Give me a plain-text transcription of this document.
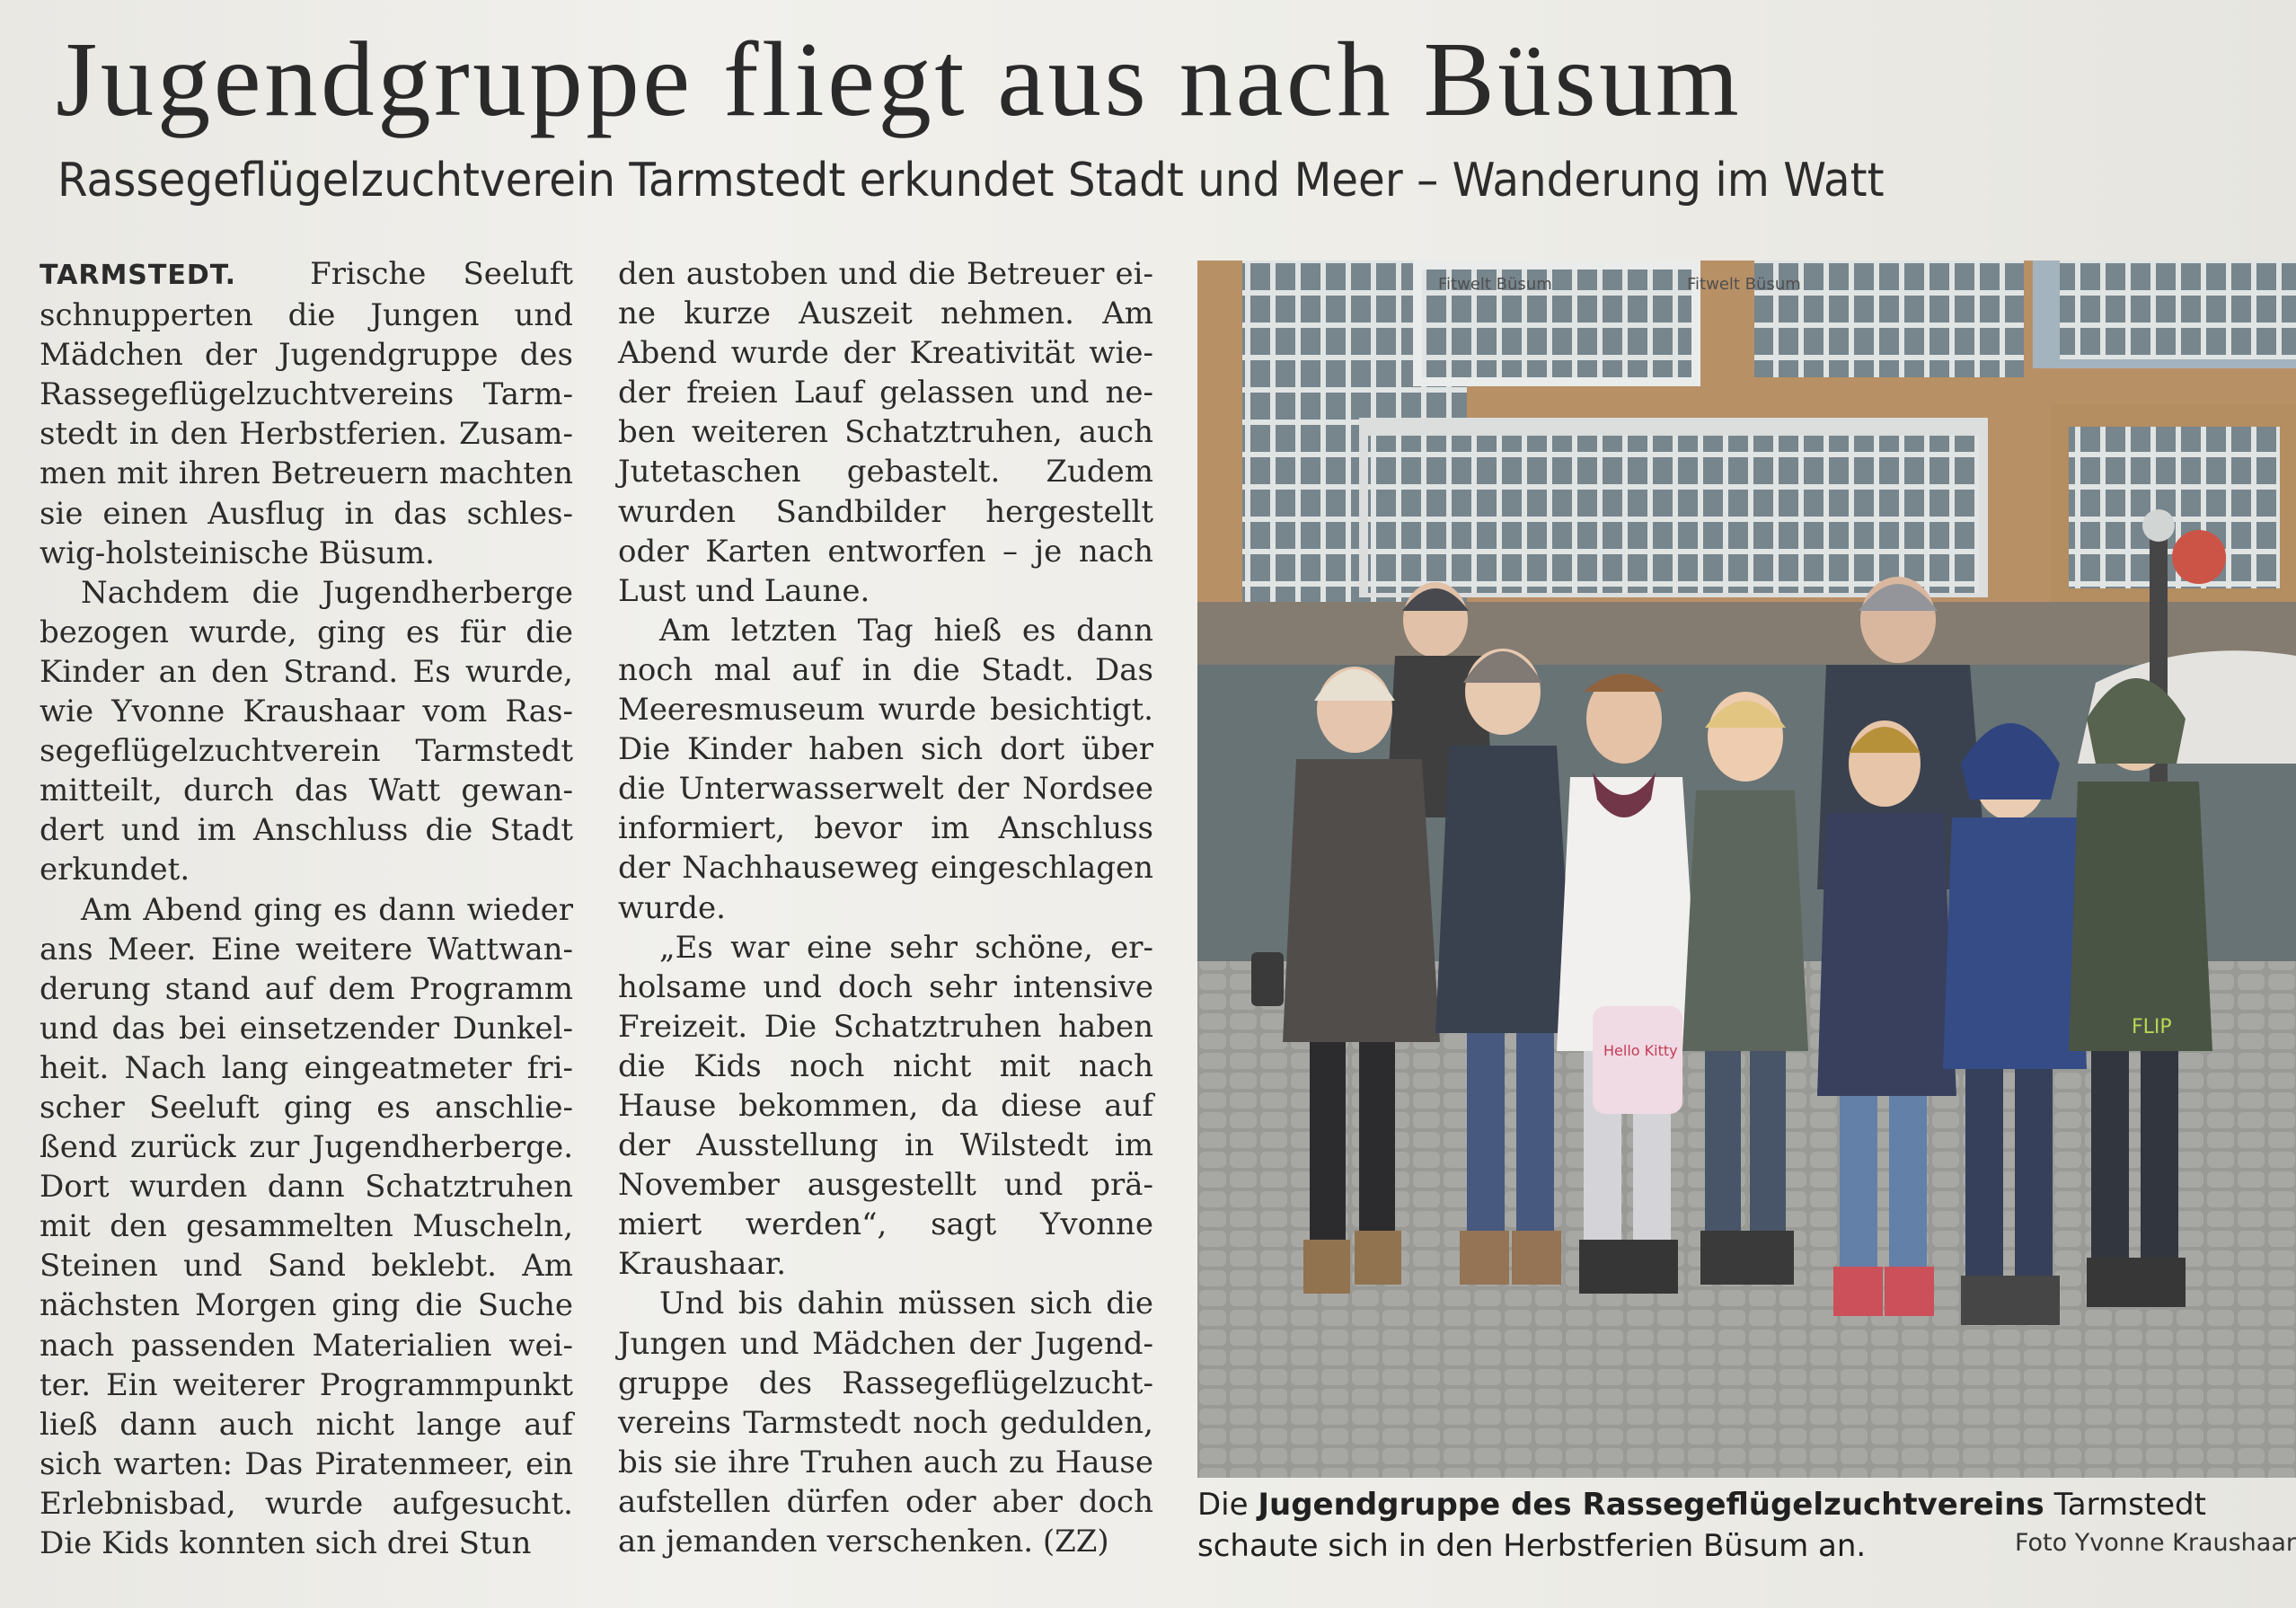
Jugendgruppe fliegt aus nach Büsum
Rassegeflügelzuchtverein Tarmstedt erkundet Stadt und Meer – Wanderung im Watt

TARMSTEDT. Frische Seeluft schnupperten die Jungen und Mädchen der Jugendgruppe des Rassegeflügelzuchtvereins Tarmstedt in den Herbstferien. Zusammen mit ihren Betreuern machten sie einen Ausflug in das schleswig-holsteinische Büsum.

Nachdem die Jugendherberge bezogen wurde, ging es für die Kinder an den Strand. Es wurde, wie Yvonne Kraushaar vom Rassegeflügelzuchtverein Tarmstedt mitteilt, durch das Watt gewandert und im Anschluss die Stadt erkundet.

Am Abend ging es dann wieder ans Meer. Eine weitere Wattwanderung stand auf dem Programm und das bei einsetzender Dunkelheit. Nach lang eingeatmeter frischer Seeluft ging es anschließend zurück zur Jugendherberge. Dort wurden dann Schatztruhen mit den gesammelten Muscheln, Steinen und Sand beklebt. Am nächsten Morgen ging die Suche nach passenden Materialien weiter. Ein weiterer Programmpunkt ließ dann auch nicht lange auf sich warten: Das Piratenmeer, ein Erlebnisbad, wurde aufgesucht. Die Kids konnten sich drei Stun

den austoben und die Betreuer eine kurze Auszeit nehmen. Am Abend wurde der Kreativität wieder freien Lauf gelassen und neben weiteren Schatztruhen, auch Jutetaschen gebastelt. Zudem wurden Sandbilder hergestellt oder Karten entworfen – je nach Lust und Laune.

Am letzten Tag hieß es dann noch mal auf in die Stadt. Das Meeresmuseum wurde besichtigt. Die Kinder haben sich dort über die Unterwasserwelt der Nordsee informiert, bevor im Anschluss der Nachhauseweg eingeschlagen wurde.

„Es war eine sehr schöne, erholsame und doch sehr intensive Freizeit. Die Schatztruhen haben die Kids noch nicht mit nach Hause bekommen, da diese auf der Ausstellung in Wilstedt im November ausgestellt und prämiert werden“, sagt Yvonne Kraushaar.

Und bis dahin müssen sich die Jungen und Mädchen der Jugendgruppe des Rassegeflügelzuchtvereins Tarmstedt noch gedulden, bis sie ihre Truhen auch zu Hause aufstellen dürfen oder aber doch an jemanden verschenken. (ZZ)

Die Jugendgruppe des Rassegeflügelzuchtvereins Tarmstedt schaute sich in den Herbstferien Büsum an.	Foto Yvonne Kraushaar
